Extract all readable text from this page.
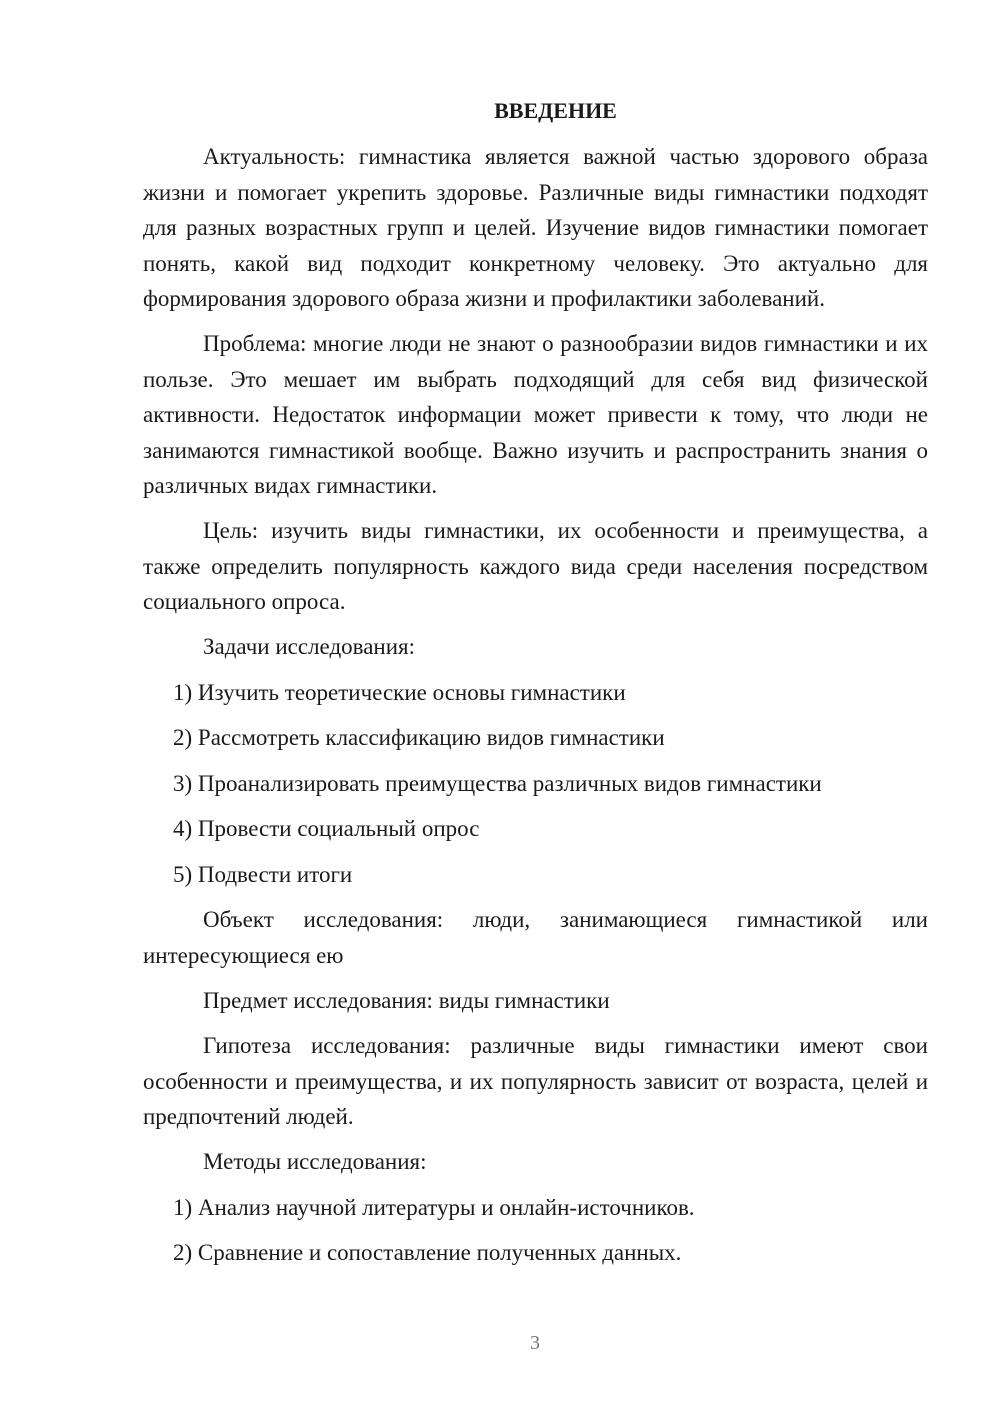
ВВЕДЕНИЕ

Актуальность: гимнастика является важной частью здорового образа жизни и помогает укрепить здоровье. Различные виды гимнастики подходят для разных возрастных групп и целей. Изучение видов гимнастики помогает понять, какой вид подходит конкретному человеку. Это актуально для формирования здорового образа жизни и профилактики заболеваний.

Проблема: многие люди не знают о разнообразии видов гимнастики и их пользе. Это мешает им выбрать подходящий для себя вид физической активности. Недостаток информации может привести к тому, что люди не занимаются гимнастикой вообще. Важно изучить и распространить знания о различных видах гимнастики.

Цель: изучить виды гимнастики, их особенности и преимущества, а также определить популярность каждого вида среди населения посредством социального опроса.

Задачи исследования:
1) Изучить теоретические основы гимнастики
2) Рассмотреть классификацию видов гимнастики
3) Проанализировать преимущества различных видов гимнастики
4) Провести социальный опрос
5) Подвести итоги

Объект исследования: люди, занимающиеся гимнастикой или интересующиеся ею

Предмет исследования: виды гимнастики

Гипотеза исследования: различные виды гимнастики имеют свои особенности и преимущества, и их популярность зависит от возраста, целей и предпочтений людей.

Методы исследования:
1) Анализ научной литературы и онлайн-источников.
2) Сравнение и сопоставление полученных данных.
3
